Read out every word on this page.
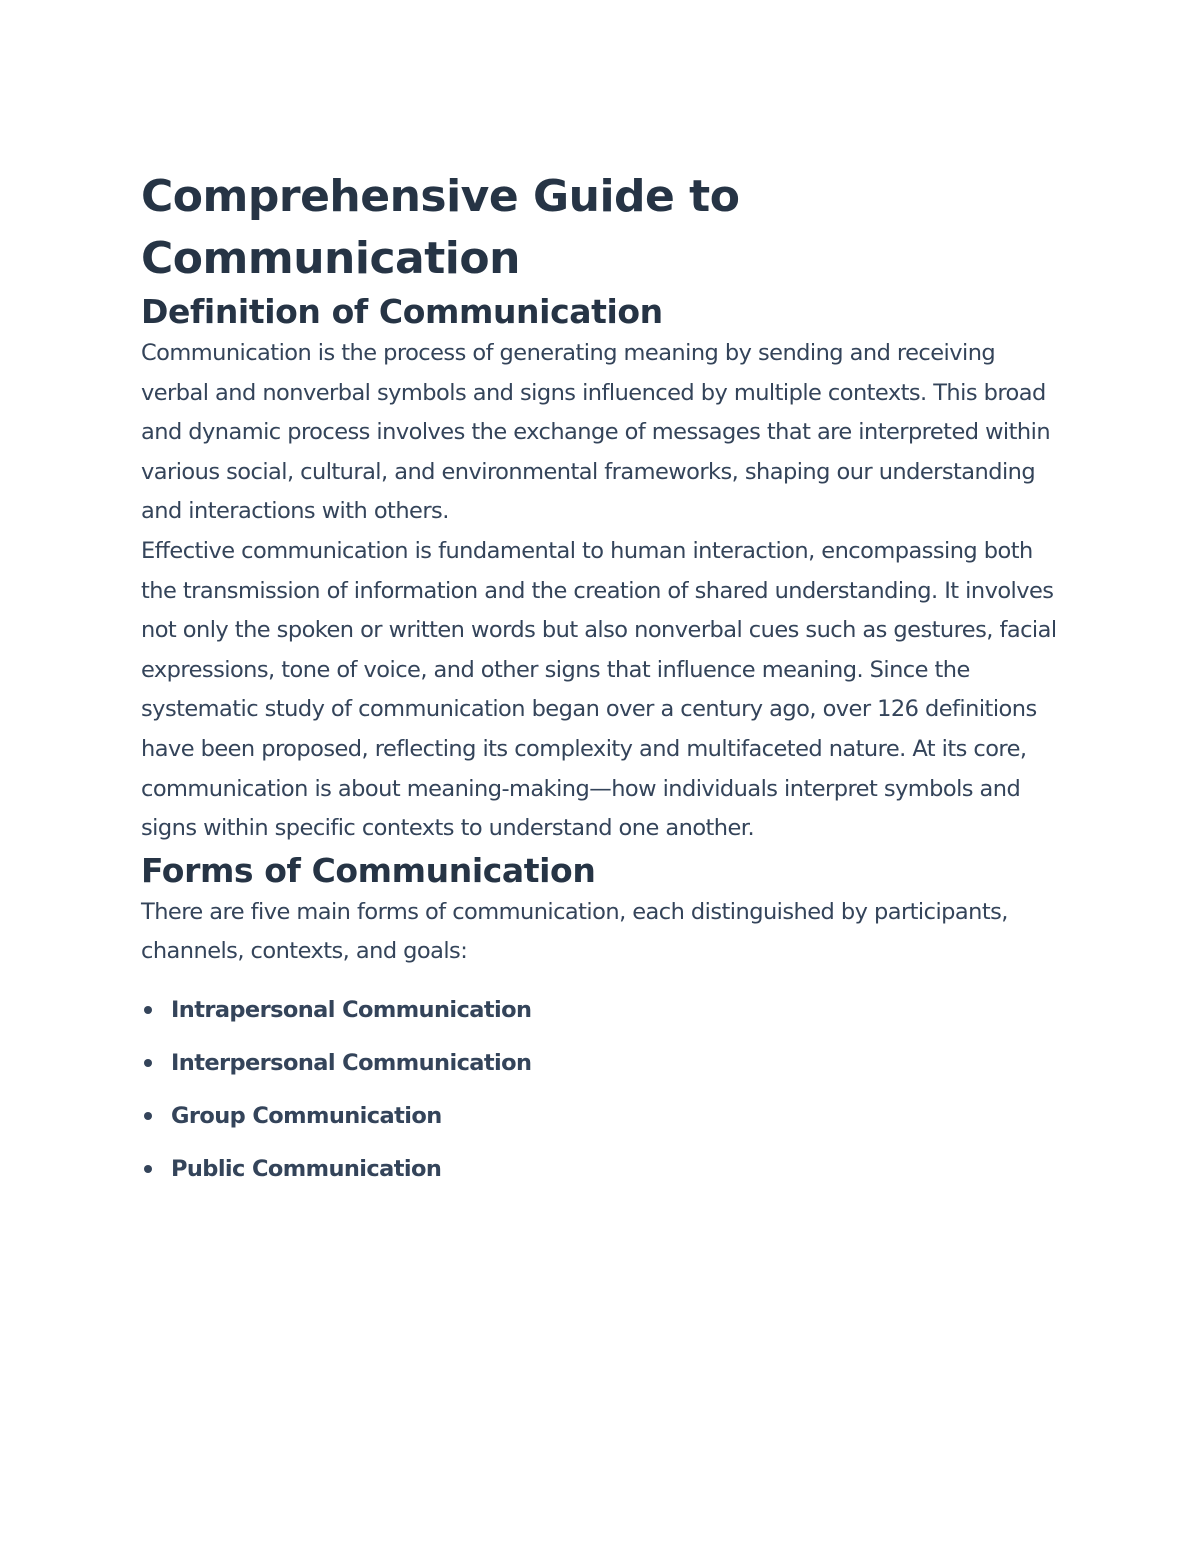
Comprehensive Guide to Communication
Definition of Communication

Communication is the process of generating meaning by sending and receiving verbal and nonverbal symbols and signs influenced by multiple contexts. This broad and dynamic process involves the exchange of messages that are interpreted within various social, cultural, and environmental frameworks, shaping our understanding and interactions with others.

Effective communication is fundamental to human interaction, encompassing both the transmission of information and the creation of shared understanding. It involves not only the spoken or written words but also nonverbal cues such as gestures, facial expressions, tone of voice, and other signs that influence meaning. Since the systematic study of communication began over a century ago, over 126 definitions have been proposed, reflecting its complexity and multifaceted nature. At its core, communication is about meaning-making—how individuals interpret symbols and signs within specific contexts to understand one another.

Forms of Communication

There are five main forms of communication, each distinguished by participants, channels, contexts, and goals:

Intrapersonal Communication
Interpersonal Communication
Group Communication
Public Communication
